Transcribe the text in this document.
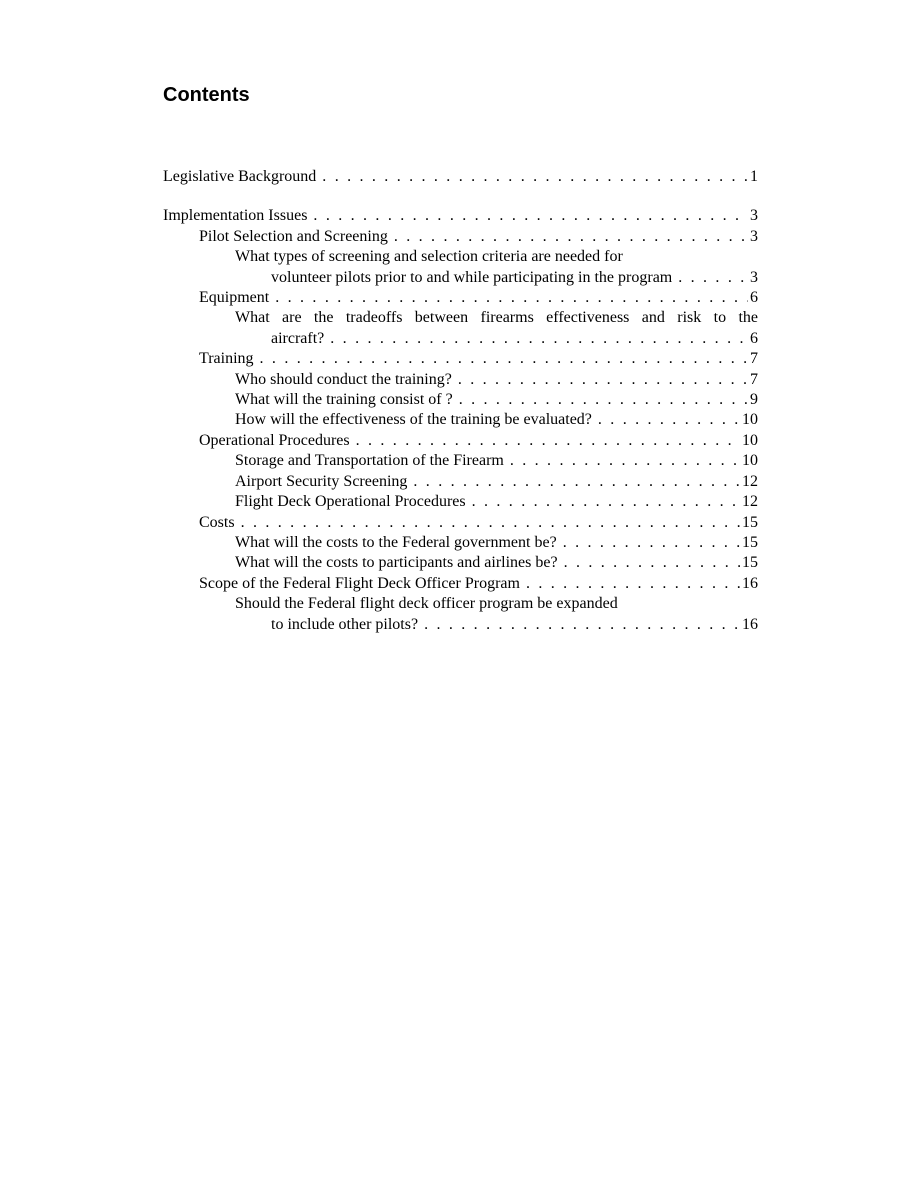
Contents
Legislative Background . . .	1
Implementation Issues . . .	3
Pilot Selection and Screening . . .	3
What types of screening and selection criteria are needed for
volunteer pilots prior to and while participating in the program . . .	3
Equipment . . .	6
What are the tradeoffs between firearms effectiveness and risk to the
aircraft? . . .	6
Training . . .	7
Who should conduct the training? . . .	7
What will the training consist of ? . . .	9
How will the effectiveness of the training be evaluated? . . .	10
Operational Procedures . . .	10
Storage and Transportation of the Firearm . . .	10
Airport Security Screening . . .	12
Flight Deck Operational Procedures . . .	12
Costs . . .	15
What will the costs to the Federal government be? . . .	15
What will the costs to participants and airlines be? . . .	15
Scope of the Federal Flight Deck Officer Program . . .	16
Should the Federal flight deck officer program be expanded
to include other pilots? . . .	16
